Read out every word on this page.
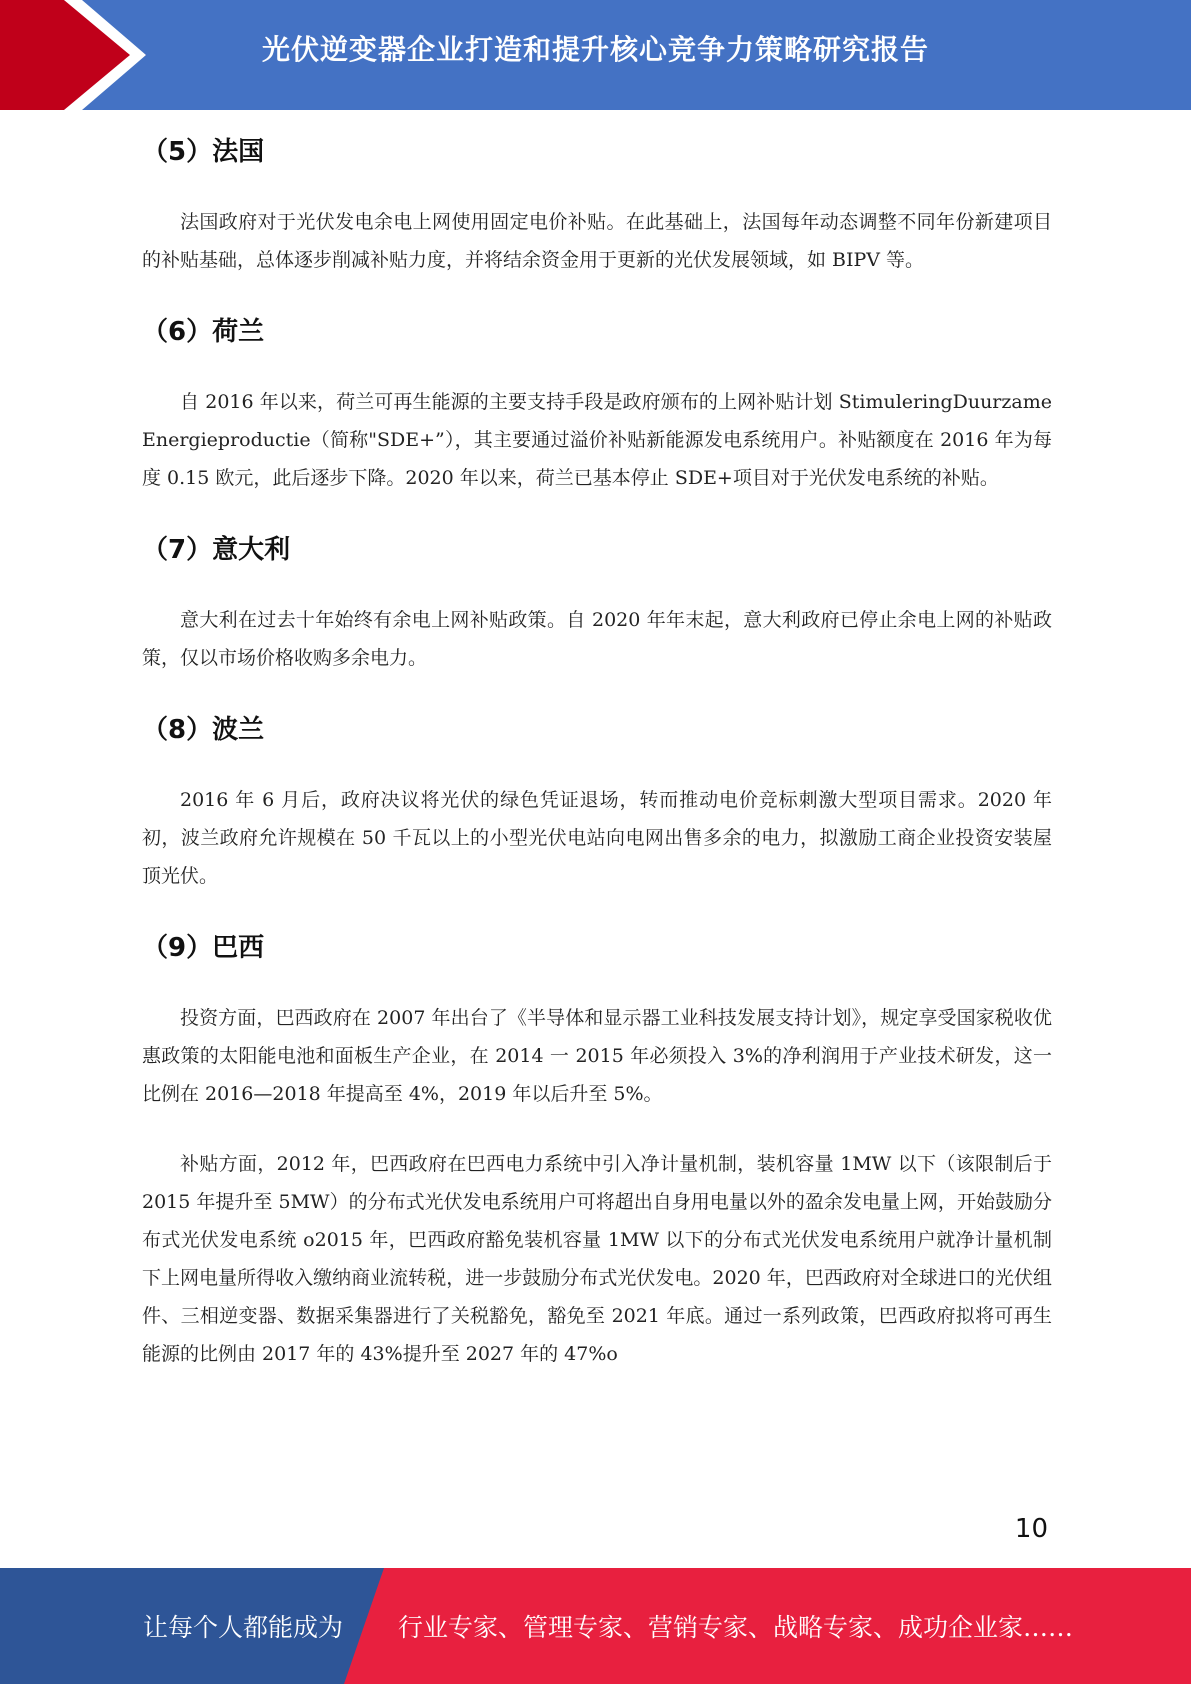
光伏逆变器企业打造和提升核心竞争力策略研究报告
（5）法国

法国政府对于光伏发电余电上网使用固定电价补贴。在此基础上，法国每年动态调整不同年份新建项目的补贴基础，总体逐步削减补贴力度，并将结余资金用于更新的光伏发展领域，如 BIPV 等。

（6）荷兰

自 2016 年以来，荷兰可再生能源的主要支持手段是政府颁布的上网补贴计划 StimuleringDuurzameEnergieproductie（简称"SDE+”），其主要通过溢价补贴新能源发电系统用户。补贴额度在 2016 年为每度 0.15 欧元，此后逐步下降。2020 年以来，荷兰已基本停止 SDE+项目对于光伏发电系统的补贴。

（7）意大利

意大利在过去十年始终有余电上网补贴政策。自 2020 年年末起，意大利政府已停止余电上网的补贴政策，仅以市场价格收购多余电力。

（8）波兰

2016 年 6 月后，政府决议将光伏的绿色凭证退场，转而推动电价竞标刺激大型项目需求。2020 年初，波兰政府允许规模在 50 千瓦以上的小型光伏电站向电网出售多余的电力，拟激励工商企业投资安装屋顶光伏。

（9）巴西

投资方面，巴西政府在 2007 年出台了《半导体和显示器工业科技发展支持计划》，规定享受国家税收优惠政策的太阳能电池和面板生产企业，在 2014 一 2015 年必须投入 3%的净利润用于产业技术研发，这一比例在 2016—2018 年提高至 4%，2019 年以后升至 5%。

补贴方面，2012 年，巴西政府在巴西电力系统中引入净计量机制，装机容量 1MW 以下（该限制后于 2015 年提升至 5MW）的分布式光伏发电系统用户可将超出自身用电量以外的盈余发电量上网，开始鼓励分布式光伏发电系统 o2015 年，巴西政府豁免装机容量 1MW 以下的分布式光伏发电系统用户就净计量机制下上网电量所得收入缴纳商业流转税，进一步鼓励分布式光伏发电。2020 年，巴西政府对全球进口的光伏组件、三相逆变器、数据采集器进行了关税豁免，豁免至 2021 年底。通过一系列政策，巴西政府拟将可再生能源的比例由 2017 年的 43%提升至 2027 年的 47%o

10
让每个人都能成为 行业专家、管理专家、营销专家、战略专家、成功企业家……
